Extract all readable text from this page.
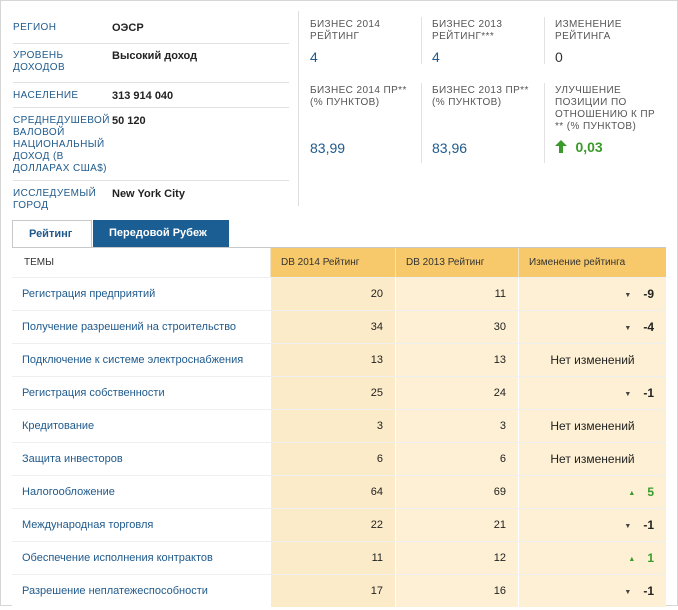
РЕГИОН	ОЭСР
УРОВЕНЬ ДОХОДОВ
Высокий доход
НАСЕЛЕНИЕ	313 914 040
СРЕДНЕДУШЕВОЙ ВАЛОВОЙ НАЦИОНАЛЬНЫЙ ДОХОД (В ДОЛЛАРАХ США$)
50 120
ИССЛЕДУЕМЫЙ ГОРОД
New York City
БИЗНЕС 2014 РЕЙТИНГ
4
БИЗНЕС 2013 РЕЙТИНГ***
4
ИЗМЕНЕНИЕ РЕЙТИНГА
0
БИЗНЕС 2014 ПР** (% ПУНКТОВ)
83,99
БИЗНЕС 2013 ПР** (% ПУНКТОВ)
83,96
УЛУЧШЕНИЕ ПОЗИЦИИ ПО ОТНОШЕНИЮ К ПР ** (% ПУНКТОВ)
0,03
Рейтинг	Передовой Рубеж
ТЕМЫ	DB 2014 Рейтинг	DB 2013 Рейтинг	Изменение рейтинга
Регистрация предприятий	20	11	▼ -9
Получение разрешений на строительство	34	30	▼ -4
Подключение к системе электроснабжения	13	13	Нет изменений
Регистрация собственности	25	24	▼ -1
Кредитование	3	3	Нет изменений
Защита инвесторов	6	6	Нет изменений
Налогообложение	64	69	▲ 5
Международная торговля	22	21	▼ -1
Обеспечение исполнения контрактов	11	12	▲ 1
Разрешение неплатежеспособности	17	16	▼ -1
